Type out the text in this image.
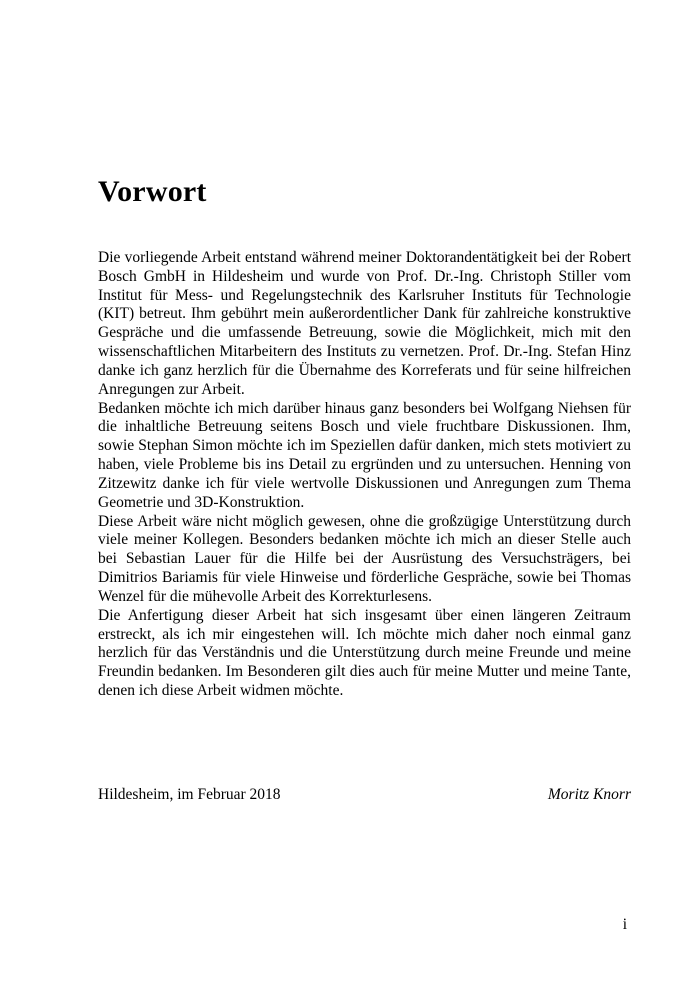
Vorwort

Die vorliegende Arbeit entstand während meiner Doktorandentätigkeit bei der Robert Bosch GmbH in Hildesheim und wurde von Prof. Dr.-Ing. Christoph Stiller vom Institut für Mess- und Regelungstechnik des Karlsruher Instituts für Technologie (KIT) betreut. Ihm gebührt mein außerordentlicher Dank für zahlreiche konstruktive Gespräche und die umfassende Betreuung, sowie die Möglichkeit, mich mit den wissenschaftlichen Mitarbeitern des Instituts zu vernetzen. Prof. Dr.-Ing. Stefan Hinz danke ich ganz herzlich für die Übernahme des Korreferats und für seine hilfreichen Anregungen zur Arbeit.

Bedanken möchte ich mich darüber hinaus ganz besonders bei Wolfgang Niehsen für die inhaltliche Betreuung seitens Bosch und viele fruchtbare Diskussionen. Ihm, sowie Stephan Simon möchte ich im Speziellen dafür danken, mich stets motiviert zu haben, viele Probleme bis ins Detail zu ergründen und zu untersuchen. Henning von Zitzewitz danke ich für viele wertvolle Diskussionen und Anregungen zum Thema Geometrie und 3D-Konstruktion.

Diese Arbeit wäre nicht möglich gewesen, ohne die großzügige Unterstützung durch viele meiner Kollegen. Besonders bedanken möchte ich mich an dieser Stelle auch bei Sebastian Lauer für die Hilfe bei der Ausrüstung des Versuchsträgers, bei Dimitrios Bariamis für viele Hinweise und förderliche Gespräche, sowie bei Thomas Wenzel für die mühevolle Arbeit des Korrekturlesens.

Die Anfertigung dieser Arbeit hat sich insgesamt über einen längeren Zeitraum erstreckt, als ich mir eingestehen will. Ich möchte mich daher noch einmal ganz herzlich für das Verständnis und die Unterstützung durch meine Freunde und meine Freundin bedanken. Im Besonderen gilt dies auch für meine Mutter und meine Tante, denen ich diese Arbeit widmen möchte.

Hildesheim, im Februar 2018	Moritz Knorr
i
